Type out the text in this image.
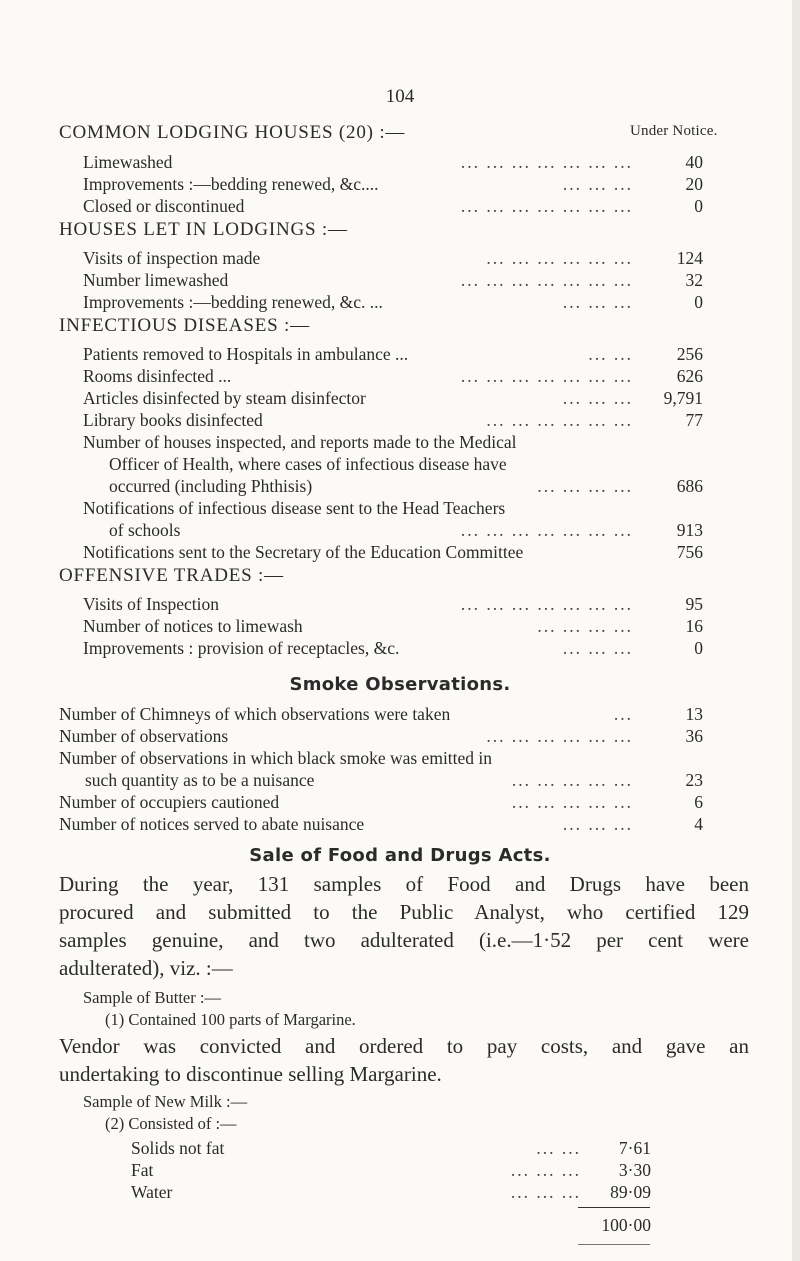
104
COMMON LODGING HOUSES (20) :—	Under Notice.
Limewashed	... ... ... ... ... ... ...	40
Improvements :—bedding renewed, &c....	... ... ...	20
Closed or discontinued	... ... ... ... ... ... ...	0
HOUSES LET IN LODGINGS :—
Visits of inspection made	... ... ... ... ... ...	124
Number limewashed	... ... ... ... ... ... ...	32
Improvements :—bedding renewed, &c. ...	... ... ...	0
INFECTIOUS DISEASES :—
Patients removed to Hospitals in ambulance ...	... ...	256
Rooms disinfected ...	... ... ... ... ... ... ...	626
Articles disinfected by steam disinfector	... ... ...	9,791
Library books disinfected	... ... ... ... ... ...	77
Number of houses inspected, and reports made to the Medical
Officer of Health, where cases of infectious disease have
occurred (including Phthisis)	... ... ... ...	686
Notifications of infectious disease sent to the Head Teachers
of schools	... ... ... ... ... ... ...	913
Notifications sent to the Secretary of the Education Committee	756
OFFENSIVE TRADES :—
Visits of Inspection	... ... ... ... ... ... ...	95
Number of notices to limewash	... ... ... ...	16
Improvements : provision of receptacles, &c.	... ... ...	0
Smoke Observations.
Number of Chimneys of which observations were taken	...	13
Number of observations	... ... ... ... ... ...	36
Number of observations in which black smoke was emitted in
such quantity as to be a nuisance	... ... ... ... ...	23
Number of occupiers cautioned	... ... ... ... ...	6
Number of notices served to abate nuisance	... ... ...	4
Sale of Food and Drugs Acts.
During the year, 131 samples of Food and Drugs have been
procured and submitted to the Public Analyst, who certified 129
samples genuine, and two adulterated (i.e.—1·52 per cent were
adulterated), viz. :—
Sample of Butter :—
(1) Contained 100 parts of Margarine.
Vendor was convicted and ordered to pay costs, and gave an
undertaking to discontinue selling Margarine.
Sample of New Milk :—
(2) Consisted of :—
Solids not fat	... ...	7·61
Fat	... ... ...	3·30
Water	... ... ...	89·09
100·00
